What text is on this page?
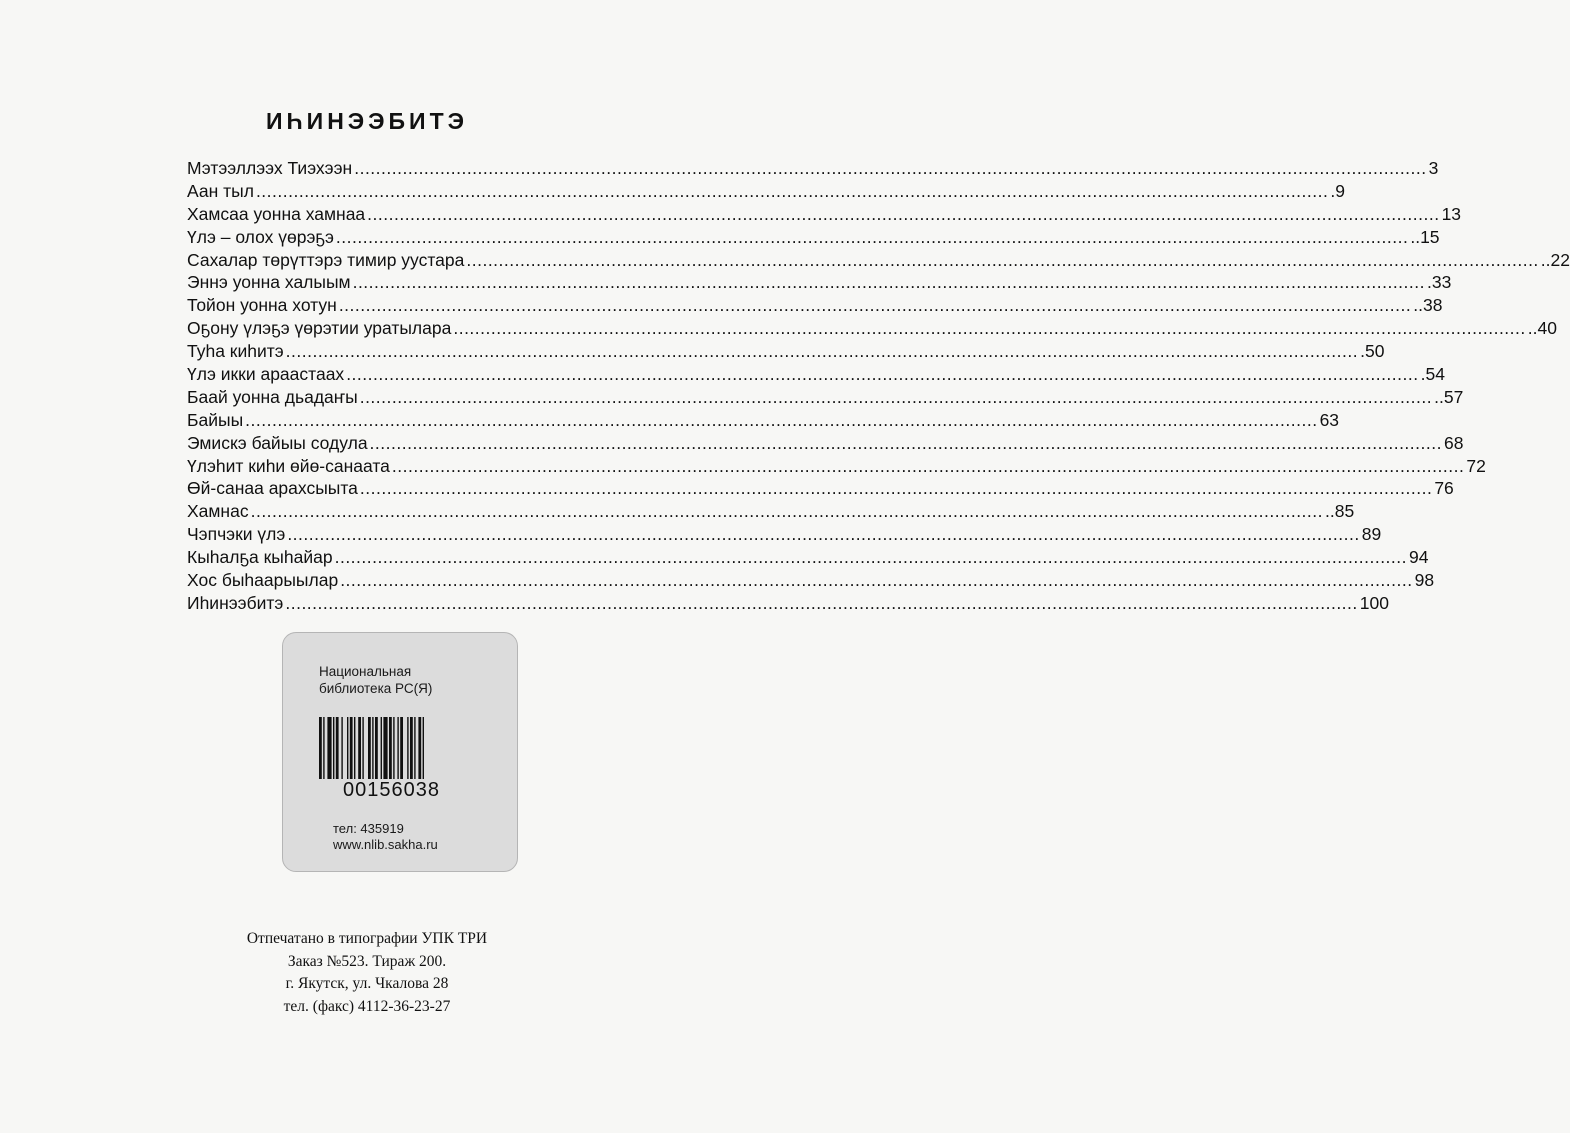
ИҺИНЭЭБИТЭ
Мэтээллээх Тиэхээн ........................................................................................................................................................................................................ 3
Аан тыл ........................................................................................................................................................................................................ .9
Хамсаа уонна хамнаа ........................................................................................................................................................................................................ 13
Үлэ – олох үөрэҕэ ........................................................................................................................................................................................................ ..15
Сахалар төрүттэрэ тимир уустара ........................................................................................................................................................................................................ ..22
Эннэ уонна халыым ........................................................................................................................................................................................................ .33
Тойон уонна хотун ........................................................................................................................................................................................................ ..38
Оҕону үлэҕэ үөрэтии уратылара ........................................................................................................................................................................................................ ..40
Туһа киһитэ ........................................................................................................................................................................................................ .50
Үлэ икки араастаах ........................................................................................................................................................................................................ .54
Баай уонна дьадаҥы ........................................................................................................................................................................................................ ..57
Байыы ........................................................................................................................................................................................................ 63
Эмискэ байыы содула ........................................................................................................................................................................................................ 68
Үлэһит киһи өйө-санаата ........................................................................................................................................................................................................ 72
Өй-санаа арахсыыта ........................................................................................................................................................................................................ 76
Хамнас ........................................................................................................................................................................................................ ..85
Чэпчэки үлэ ........................................................................................................................................................................................................ 89
Кыһалҕа кыһайар ........................................................................................................................................................................................................ 94
Хос быһаарыылар ........................................................................................................................................................................................................ 98
Иһинээбитэ ........................................................................................................................................................................................................ 100
Национальная
библиотека РС(Я)
00156038
тел: 435919
www.nlib.sakha.ru
Отпечатано в типографии УПК ТРИ
Заказ №523. Тираж 200.
г. Якутск, ул. Чкалова 28
тел. (факс) 4112-36-23-27
